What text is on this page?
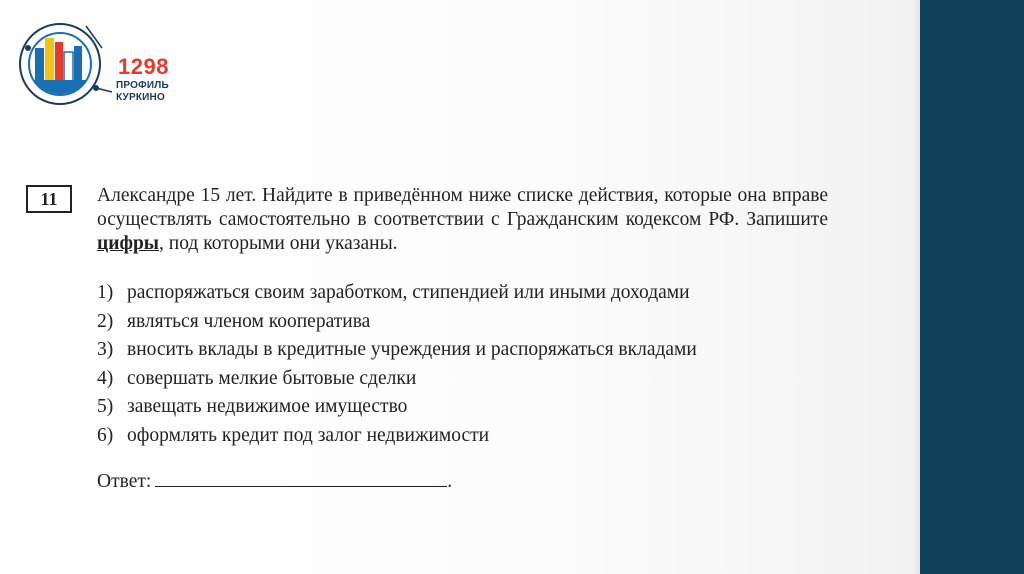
1298
ПРОФИЛЬ
КУРКИНО
11	Александре 15 лет. Найдите в приведённом ниже списке действия, которые она вправе осуществлять самостоятельно в соответствии с Гражданским кодексом РФ. Запишите цифры, под которыми они указаны.
1) распоряжаться своим заработком, стипендией или иными доходами
2) являться членом кооператива
3) вносить вклады в кредитные учреждения и распоряжаться вкладами
4) совершать мелкие бытовые сделки
5) завещать недвижимое имущество
6) оформлять кредит под залог недвижимости
Ответ:	.
